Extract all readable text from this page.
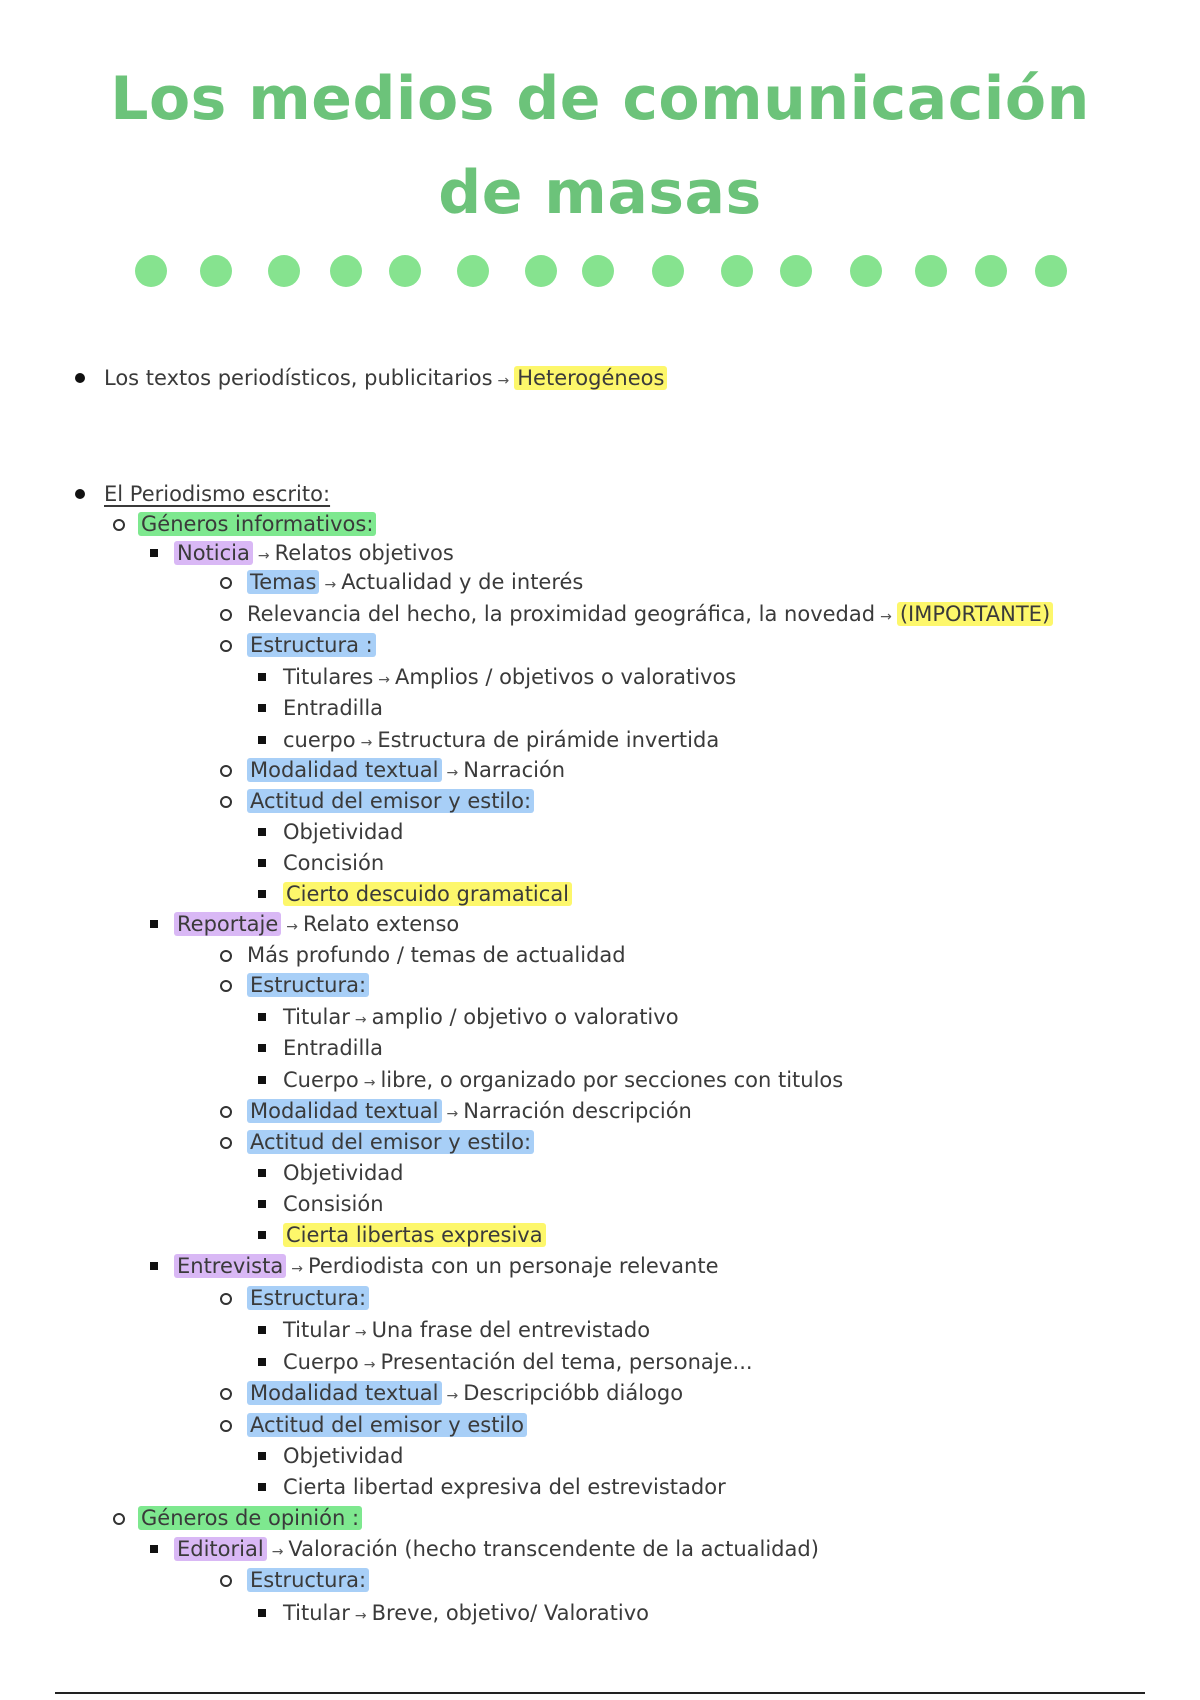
Los medios de comunicación de masas
Los textos periodísticos, publicitarios → Heterogéneos
El Periodismo escrito:
Géneros informativos:
Noticia → Relatos objetivos
Temas → Actualidad y de interés
Relevancia del hecho, la proximidad geográfica, la novedad → (IMPORTANTE)
Estructura :
Titulares → Amplios / objetivos o valorativos
Entradilla
cuerpo → Estructura de pirámide invertida
Modalidad textual → Narración
Actitud del emisor y estilo:
Objetividad
Concisión
Cierto descuido gramatical
Reportaje → Relato extenso
Más profundo / temas de actualidad
Estructura:
Titular → amplio / objetivo o valorativo
Entradilla
Cuerpo → libre, o organizado por secciones con titulos
Modalidad textual → Narración descripción
Actitud del emisor y estilo:
Objetividad
Consisión
Cierta libertas expresiva
Entrevista → Perdiodista con un personaje relevante
Estructura:
Titular → Una frase del entrevistado
Cuerpo → Presentación del tema, personaje...
Modalidad textual → Descripcióbb diálogo
Actitud del emisor y estilo
Objetividad
Cierta libertad expresiva del estrevistador
Géneros de opinión :
Editorial → Valoración (hecho transcendente de la actualidad)
Estructura:
Titular → Breve, objetivo/ Valorativo
